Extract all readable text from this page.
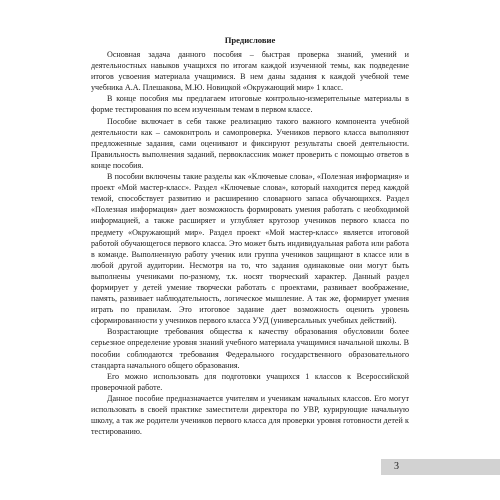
Предисловие

Основная задача данного пособия – быстрая проверка знаний, умений и деятельностных навыков учащихся по итогам каждой изученной темы, как подведение итогов усвоения материала учащимися. В нем даны задания к каждой учебной теме учебника А.А. Плешакова, М.Ю. Новицкой «Окружающий мир» 1 класс.

В конце пособия мы предлагаем итоговые контрольно-измерительные материалы в форме тестирования по всем изученным темам в первом классе.

Пособие включает в себя также реализацию такого важного компонента учебной деятельности как – самоконтроль и самопроверка. Учеников первого класса выполняют предложенные задания, сами оценивают и фиксируют результаты своей деятельности. Правильность выполнения заданий, первоклассник может проверить с помощью ответов в конце пособия.

В пособии включены такие разделы как «Ключевые слова», «Полезная информация» и проект «Мой мастер-класс». Раздел «Ключевые слова», который находится перед каждой темой, способствует развитию и расширению словарного запаса обучающихся. Раздел «Полезная информация» дает возможность формировать умения работать с необходимой информацией, а также расширяет и углубляет кругозор учеников первого класса по предмету «Окружающий мир». Раздел проект «Мой мастер-класс» является итоговой работой обучающегося первого класса. Это может быть индивидуальная работа или работа в команде. Выполненную работу ученик или группа учеников защищают в классе или в любой другой аудитории. Несмотря на то, что задания одинаковые они могут быть выполнены учениками по-разному, т.к. носят творческий характер. Данный раздел формирует у детей умение творчески работать с проектами, развивает воображение, память, развивает наблюдательность, логическое мышление. А так же, формирует умения играть по правилам. Это итоговое задание дает возможность оценить уровень сформированности у учеников первого класса УУД (универсальных учебных действий).

Возрастающие требования общества к качеству образования обусловили более серьезное определение уровня знаний учебного материала учащимися начальной школы. В пособии соблюдаются требования Федерального государственного образовательного стандарта начального общего образования.

Его можно использовать для подготовки учащихся 1 классов к Всероссийской проверочной работе.

Данное пособие предназначается учителям и ученикам начальных классов. Его могут использовать в своей практике заместители директора по УВР, курирующие начальную школу, а так же родители учеников первого класса для проверки уровня готовности детей к тестированию.

3
